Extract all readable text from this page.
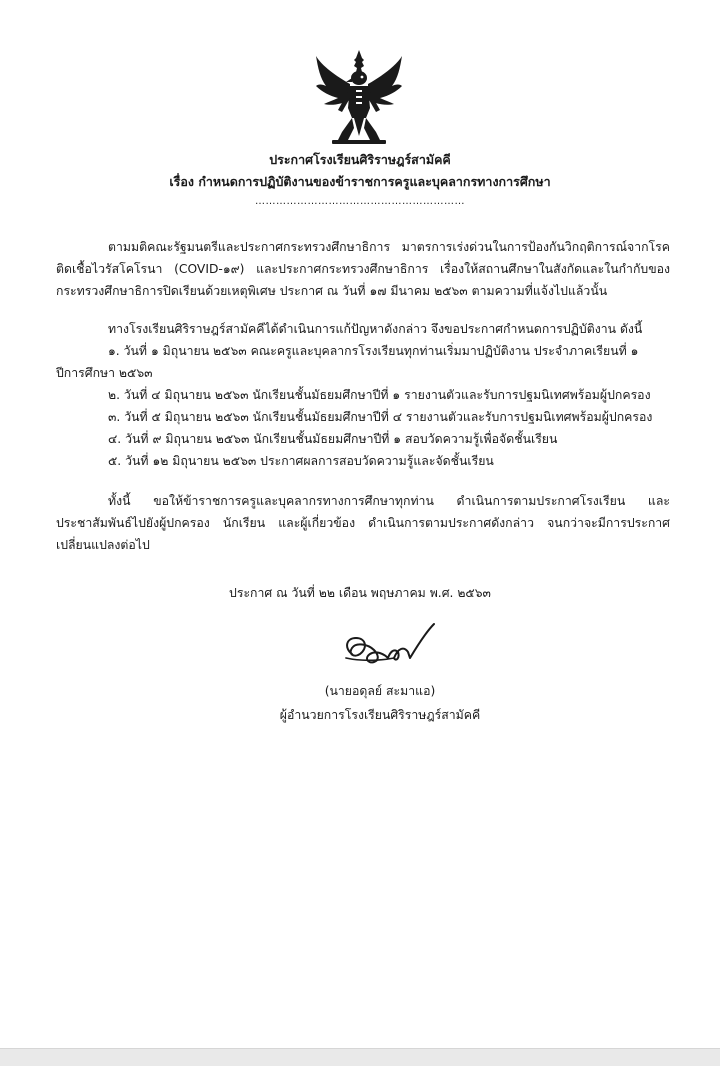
ประกาศโรงเรียนศิริราษฎร์สามัคคี
เรื่อง กำหนดการปฏิบัติงานของข้าราชการครูและบุคลากรทางการศึกษา
……………………………………………………
ตามมติคณะรัฐมนตรีและประกาศกระทรวงศึกษาธิการ มาตรการเร่งด่วนในการป้องกันวิกฤติการณ์จากโรคติดเชื้อไวรัสโคโรนา (COVID-๑๙) และประกาศกระทรวงศึกษาธิการ เรื่องให้สถานศึกษาในสังกัดและในกำกับของกระทรวงศึกษาธิการปิดเรียนด้วยเหตุพิเศษ ประกาศ ณ วันที่ ๑๗ มีนาคม ๒๕๖๓ ตามความที่แจ้งไปแล้วนั้น

ทางโรงเรียนศิริราษฎร์สามัคคีได้ดำเนินการแก้ปัญหาดังกล่าว จึงขอประกาศกำหนดการปฏิบัติงาน ดังนี้

๑. วันที่ ๑ มิถุนายน ๒๕๖๓ คณะครูและบุคลากรโรงเรียนทุกท่านเริ่มมาปฏิบัติงาน ประจำภาคเรียนที่ ๑

ปีการศึกษา ๒๕๖๓

๒. วันที่ ๔ มิถุนายน ๒๕๖๓ นักเรียนชั้นมัธยมศึกษาปีที่ ๑ รายงานตัวและรับการปฐมนิเทศพร้อมผู้ปกครอง

๓. วันที่ ๕ มิถุนายน ๒๕๖๓ นักเรียนชั้นมัธยมศึกษาปีที่ ๔ รายงานตัวและรับการปฐมนิเทศพร้อมผู้ปกครอง

๔. วันที่ ๙ มิถุนายน ๒๕๖๓ นักเรียนชั้นมัธยมศึกษาปีที่ ๑ สอบวัดความรู้เพื่อจัดชั้นเรียน

๕. วันที่ ๑๒ มิถุนายน ๒๕๖๓ ประกาศผลการสอบวัดความรู้และจัดชั้นเรียน

ทั้งนี้ ขอให้ข้าราชการครูและบุคลากรทางการศึกษาทุกท่าน ดำเนินการตามประกาศโรงเรียน และประชาสัมพันธ์ไปยังผู้ปกครอง นักเรียน และผู้เกี่ยวข้อง ดำเนินการตามประกาศดังกล่าว จนกว่าจะมีการประกาศเปลี่ยนแปลงต่อไป
ประกาศ ณ วันที่ ๒๒ เดือน พฤษภาคม พ.ศ. ๒๕๖๓
(นายอดุลย์ สะมาแอ)
ผู้อำนวยการโรงเรียนศิริราษฎร์สามัคคี
